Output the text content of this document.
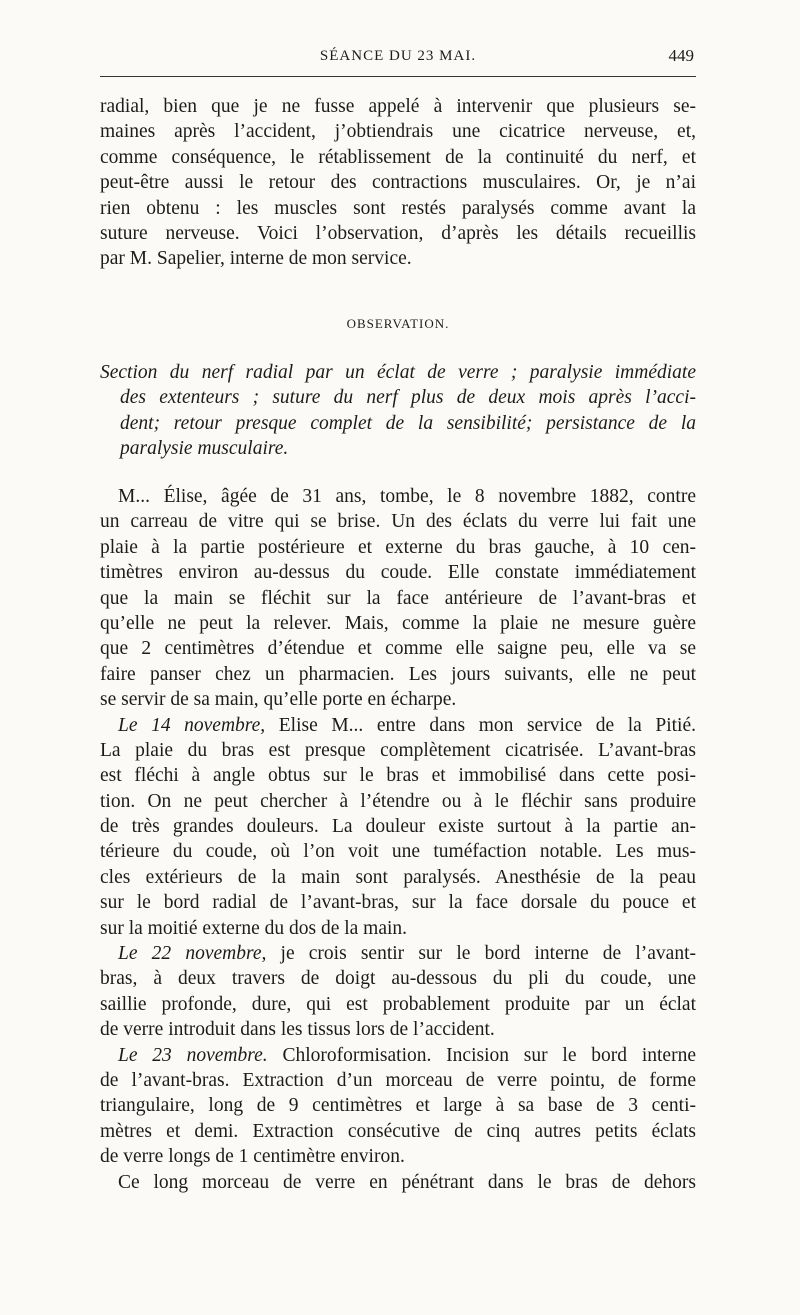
SÉANCE DU 23 MAI.	449
radial, bien que je ne fusse appelé à intervenir que plusieurs se-
maines après l’accident, j’obtiendrais une cicatrice nerveuse, et,
comme conséquence, le rétablissement de la continuité du nerf, et
peut-être aussi le retour des contractions musculaires. Or, je n’ai
rien obtenu : les muscles sont restés paralysés comme avant la
suture nerveuse. Voici l’observation, d’après les détails recueillis
par M. Sapelier, interne de mon service.
OBSERVATION.
Section du nerf radial par un éclat de verre ; paralysie immédiate
des extenteurs ; suture du nerf plus de deux mois après l’acci-
dent; retour presque complet de la sensibilité; persistance de la
paralysie musculaire.
M... Élise, âgée de 31 ans, tombe, le 8 novembre 1882, contre
un carreau de vitre qui se brise. Un des éclats du verre lui fait une
plaie à la partie postérieure et externe du bras gauche, à 10 cen-
timètres environ au-dessus du coude. Elle constate immédiatement
que la main se fléchit sur la face antérieure de l’avant-bras et
qu’elle ne peut la relever. Mais, comme la plaie ne mesure guère
que 2 centimètres d’étendue et comme elle saigne peu, elle va se
faire panser chez un pharmacien. Les jours suivants, elle ne peut
se servir de sa main, qu’elle porte en écharpe.
Le 14 novembre, Elise M... entre dans mon service de la Pitié.
La plaie du bras est presque complètement cicatrisée. L’avant-bras
est fléchi à angle obtus sur le bras et immobilisé dans cette posi-
tion. On ne peut chercher à l’étendre ou à le fléchir sans produire
de très grandes douleurs. La douleur existe surtout à la partie an-
térieure du coude, où l’on voit une tuméfaction notable. Les mus-
cles extérieurs de la main sont paralysés. Anesthésie de la peau
sur le bord radial de l’avant-bras, sur la face dorsale du pouce et
sur la moitié externe du dos de la main.
Le 22 novembre, je crois sentir sur le bord interne de l’avant-
bras, à deux travers de doigt au-dessous du pli du coude, une
saillie profonde, dure, qui est probablement produite par un éclat
de verre introduit dans les tissus lors de l’accident.
Le 23 novembre. Chloroformisation. Incision sur le bord interne
de l’avant-bras. Extraction d’un morceau de verre pointu, de forme
triangulaire, long de 9 centimètres et large à sa base de 3 centi-
mètres et demi. Extraction consécutive de cinq autres petits éclats
de verre longs de 1 centimètre environ.
Ce long morceau de verre en pénétrant dans le bras de dehors
